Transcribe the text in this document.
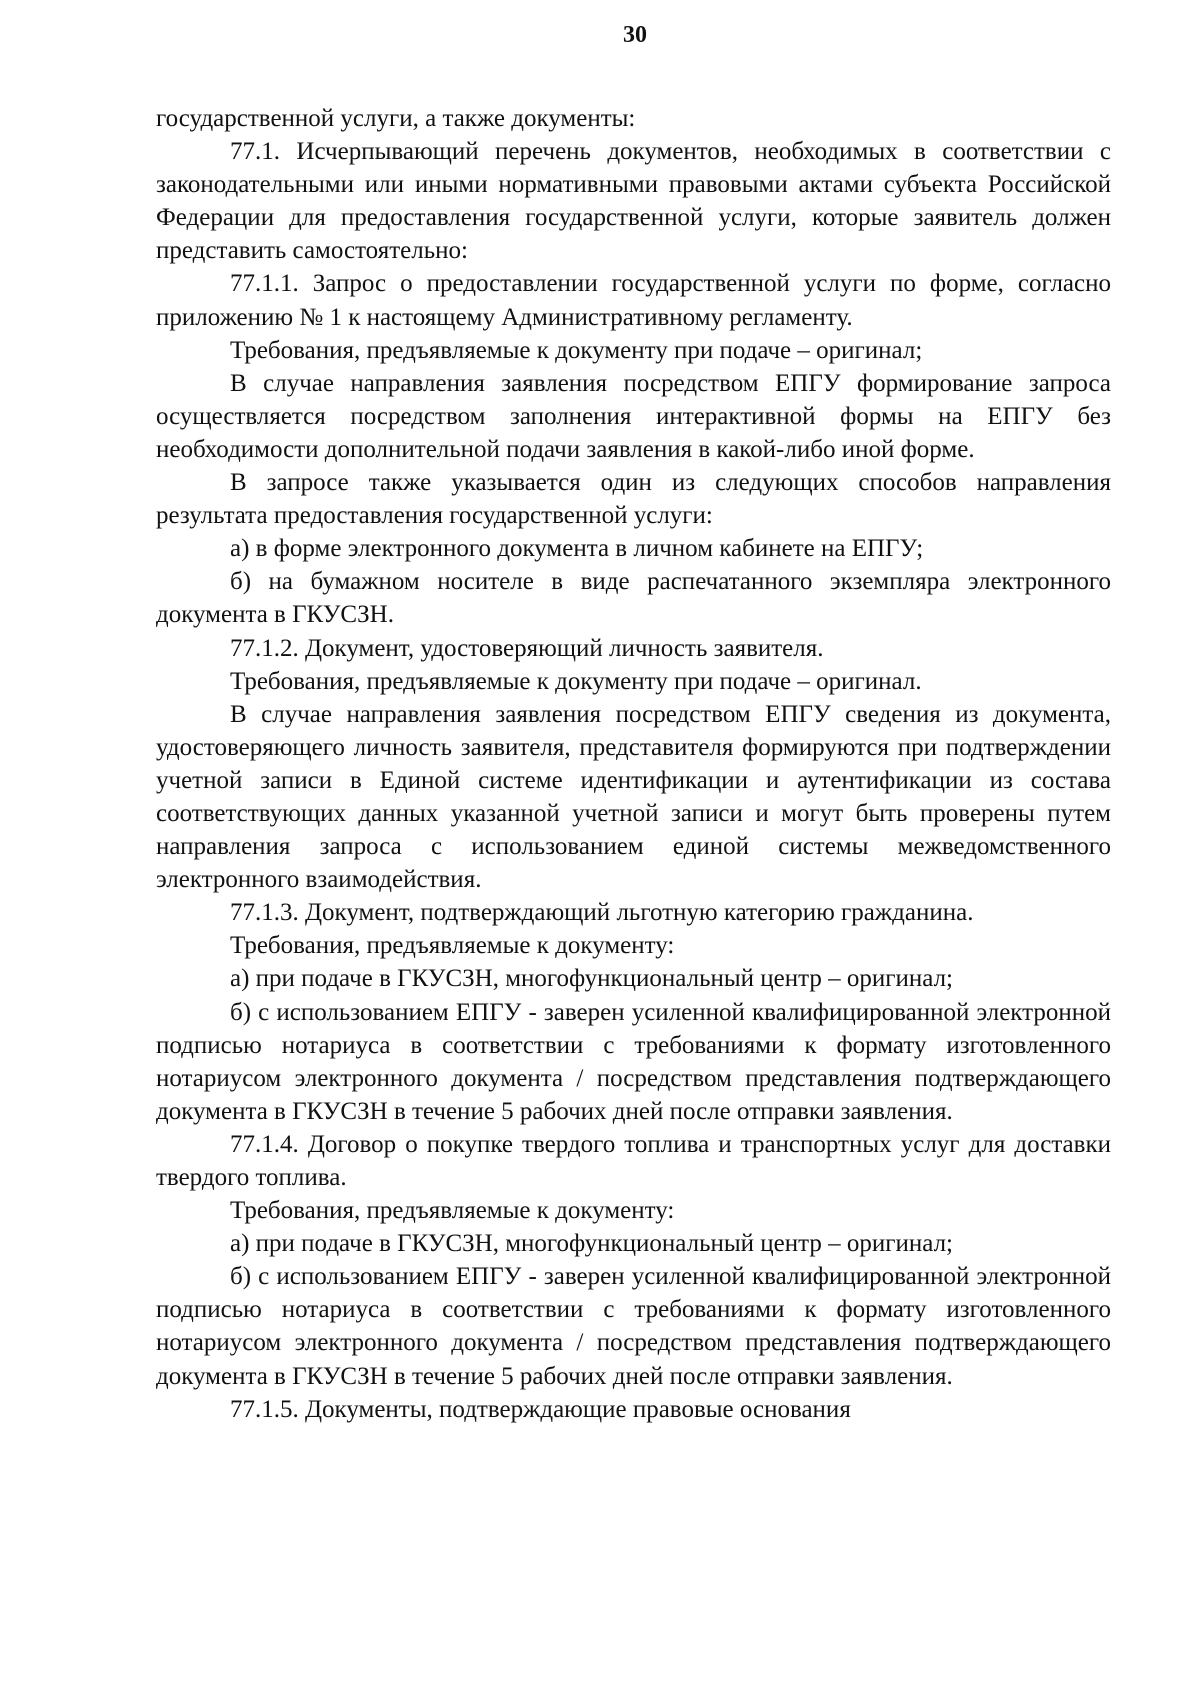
30

государственной услуги, а также документы:

77.1. Исчерпывающий перечень документов, необходимых в соответствии с законодательными или иными нормативными правовыми актами субъекта Российской Федерации для предоставления государственной услуги, которые заявитель должен представить самостоятельно:

77.1.1. Запрос о предоставлении государственной услуги по форме, согласно приложению № 1 к настоящему Административному регламенту.

Требования, предъявляемые к документу при подаче – оригинал;

В случае направления заявления посредством ЕПГУ формирование запроса осуществляется посредством заполнения интерактивной формы на ЕПГУ без необходимости дополнительной подачи заявления в какой-либо иной форме.

В запросе также указывается один из следующих способов направления результата предоставления государственной услуги:

а) в форме электронного документа в личном кабинете на ЕПГУ;

б) на бумажном носителе в виде распечатанного экземпляра электронного документа в ГКУСЗН.

77.1.2. Документ, удостоверяющий личность заявителя.

Требования, предъявляемые к документу при подаче – оригинал.

В случае направления заявления посредством ЕПГУ сведения из документа, удостоверяющего личность заявителя, представителя формируются при подтверждении учетной записи в Единой системе идентификации и аутентификации из состава соответствующих данных указанной учетной записи и могут быть проверены путем направления запроса с использованием единой системы межведомственного электронного взаимодействия.

77.1.3. Документ, подтверждающий льготную категорию гражданина.

Требования, предъявляемые к документу:

а) при подаче в ГКУСЗН, многофункциональный центр – оригинал;

б) с использованием ЕПГУ - заверен усиленной квалифицированной электронной подписью нотариуса в соответствии с требованиями к формату изготовленного нотариусом электронного документа / посредством представления подтверждающего документа в ГКУСЗН в течение 5 рабочих дней после отправки заявления.

77.1.4. Договор о покупке твердого топлива и транспортных услуг для доставки твердого топлива.

Требования, предъявляемые к документу:

а) при подаче в ГКУСЗН, многофункциональный центр – оригинал;

б) с использованием ЕПГУ - заверен усиленной квалифицированной электронной подписью нотариуса в соответствии с требованиями к формату изготовленного нотариусом электронного документа / посредством представления подтверждающего документа в ГКУСЗН в течение 5 рабочих дней после отправки заявления.

77.1.5. Документы, подтверждающие правовые основания
